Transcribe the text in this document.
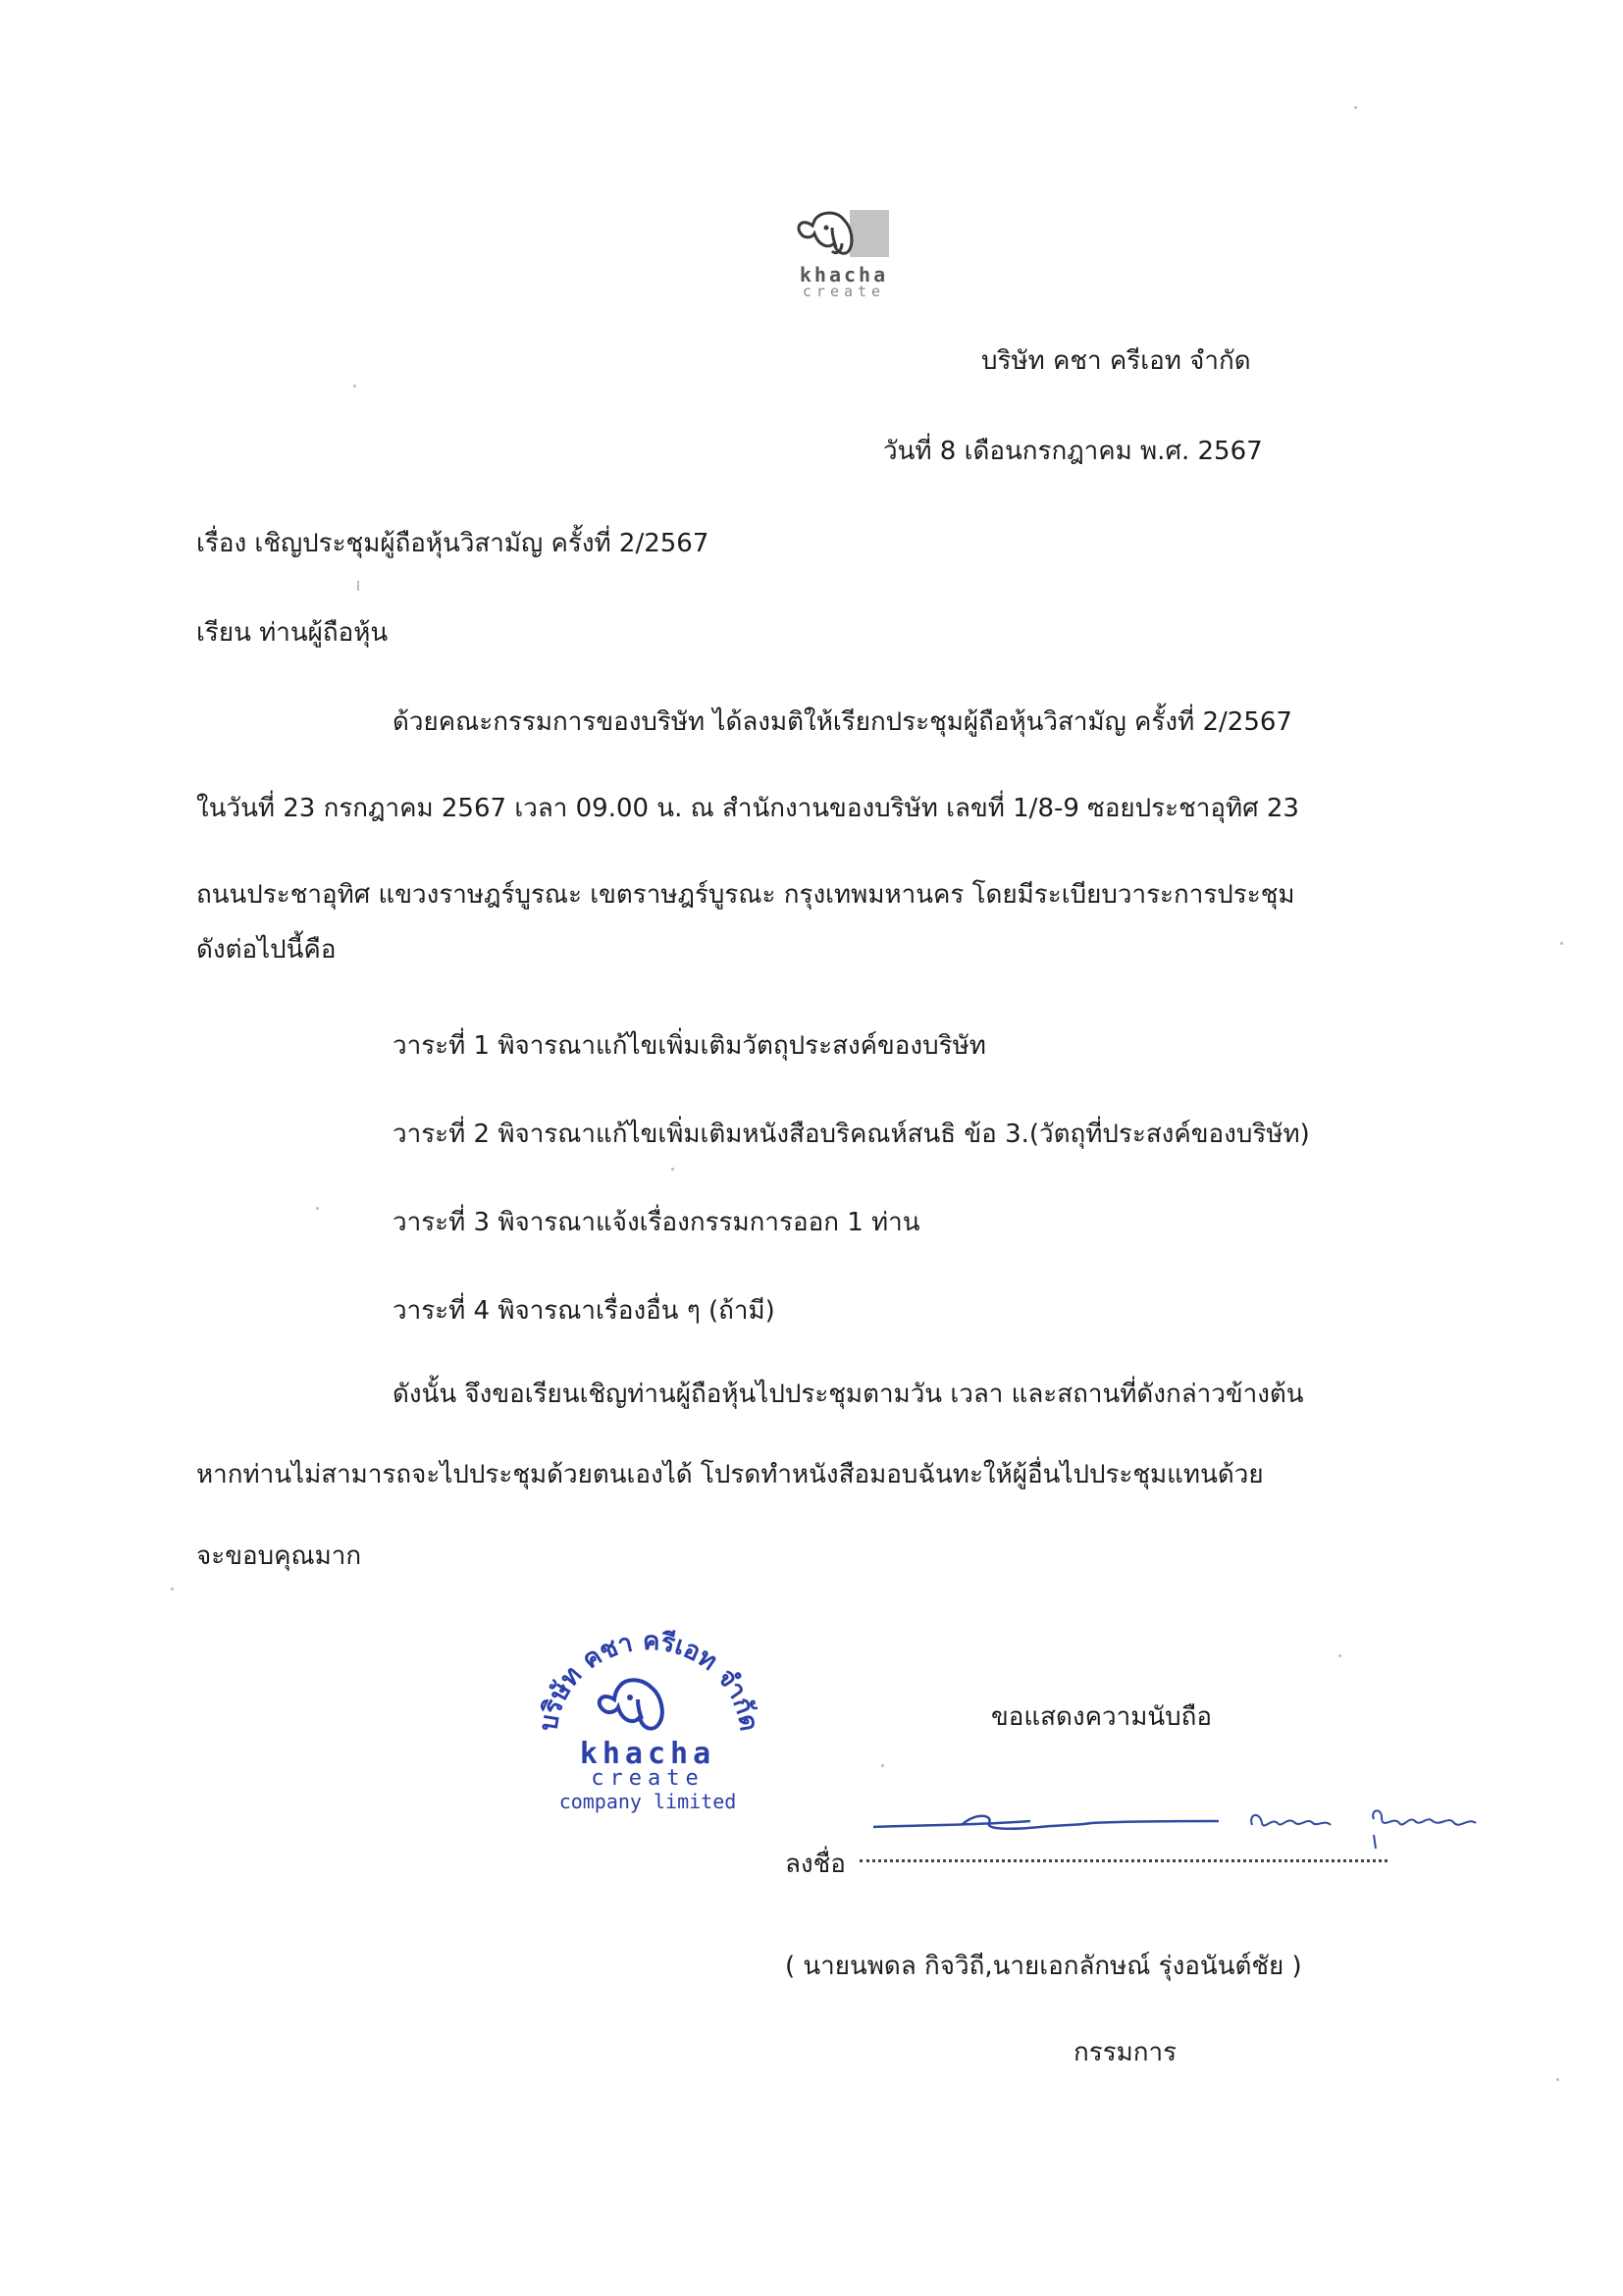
khacha
create
บริษัท คชา ครีเอท จำกัด
วันที่ 8 เดือนกรกฎาคม พ.ศ. 2567
เรื่อง เชิญประชุมผู้ถือหุ้นวิสามัญ ครั้งที่ 2/2567
เรียน ท่านผู้ถือหุ้น
ด้วยคณะกรรมการของบริษัท ได้ลงมติให้เรียกประชุมผู้ถือหุ้นวิสามัญ ครั้งที่ 2/2567
ในวันที่ 23 กรกฎาคม 2567 เวลา 09.00 น. ณ สำนักงานของบริษัท เลขที่ 1/8-9 ซอยประชาอุทิศ 23
ถนนประชาอุทิศ แขวงราษฎร์บูรณะ เขตราษฎร์บูรณะ กรุงเทพมหานคร โดยมีระเบียบวาระการประชุม
ดังต่อไปนี้คือ
วาระที่ 1 พิจารณาแก้ไขเพิ่มเติมวัตถุประสงค์ของบริษัท
วาระที่ 2 พิจารณาแก้ไขเพิ่มเติมหนังสือบริคณห์สนธิ ข้อ 3.(วัตถุที่ประสงค์ของบริษัท)
วาระที่ 3 พิจารณาแจ้งเรื่องกรรมการออก 1 ท่าน
วาระที่ 4 พิจารณาเรื่องอื่น ๆ (ถ้ามี)
ดังนั้น จึงขอเรียนเชิญท่านผู้ถือหุ้นไปประชุมตามวัน เวลา และสถานที่ดังกล่าวข้างต้น
หากท่านไม่สามารถจะไปประชุมด้วยตนเองได้ โปรดทำหนังสือมอบฉันทะให้ผู้อื่นไปประชุมแทนด้วย
จะขอบคุณมาก
บริษัท คชา ครีเอท จำกัด
khacha
create
company limited
ขอแสดงความนับถือ
ลงชื่อ
( นายนพดล กิจวิถี,นายเอกลักษณ์ รุ่งอนันต์ชัย )
กรรมการ
